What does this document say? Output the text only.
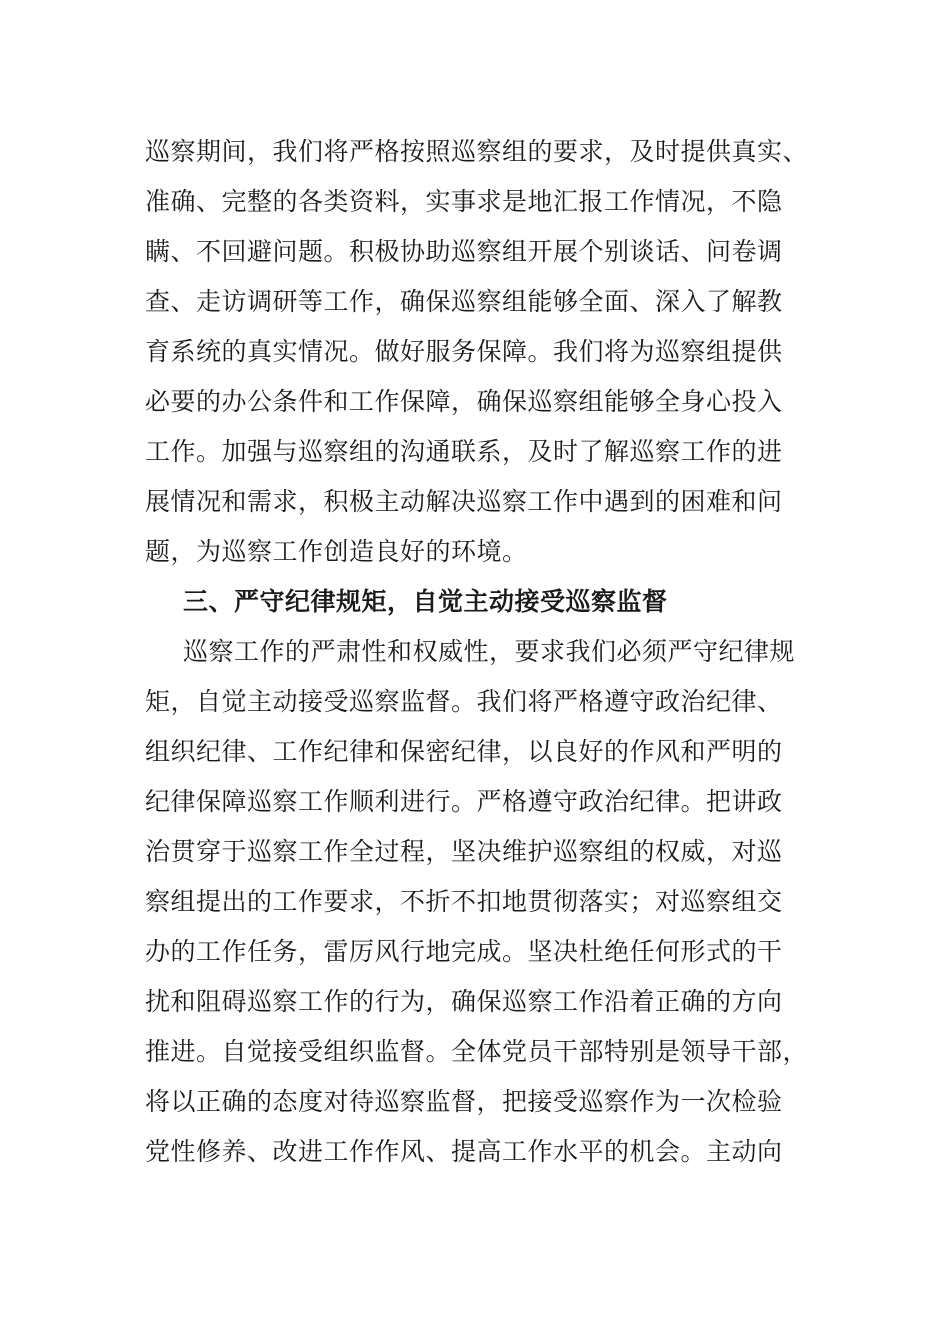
巡察期间，我们将严格按照巡察组的要求，及时提供真实、
准确、完整的各类资料，实事求是地汇报工作情况，不隐
瞒、不回避问题。积极协助巡察组开展个别谈话、问卷调
查、走访调研等工作，确保巡察组能够全面、深入了解教
育系统的真实情况。做好服务保障。我们将为巡察组提供
必要的办公条件和工作保障，确保巡察组能够全身心投入
工作。加强与巡察组的沟通联系，及时了解巡察工作的进
展情况和需求，积极主动解决巡察工作中遇到的困难和问
题，为巡察工作创造良好的环境。
三、严守纪律规矩，自觉主动接受巡察监督
巡察工作的严肃性和权威性，要求我们必须严守纪律规
矩，自觉主动接受巡察监督。我们将严格遵守政治纪律、
组织纪律、工作纪律和保密纪律，以良好的作风和严明的
纪律保障巡察工作顺利进行。严格遵守政治纪律。把讲政
治贯穿于巡察工作全过程，坚决维护巡察组的权威，对巡
察组提出的工作要求，不折不扣地贯彻落实；对巡察组交
办的工作任务，雷厉风行地完成。坚决杜绝任何形式的干
扰和阻碍巡察工作的行为，确保巡察工作沿着正确的方向
推进。自觉接受组织监督。全体党员干部特别是领导干部，
将以正确的态度对待巡察监督，把接受巡察作为一次检验
党性修养、改进工作作风、提高工作水平的机会。主动向
